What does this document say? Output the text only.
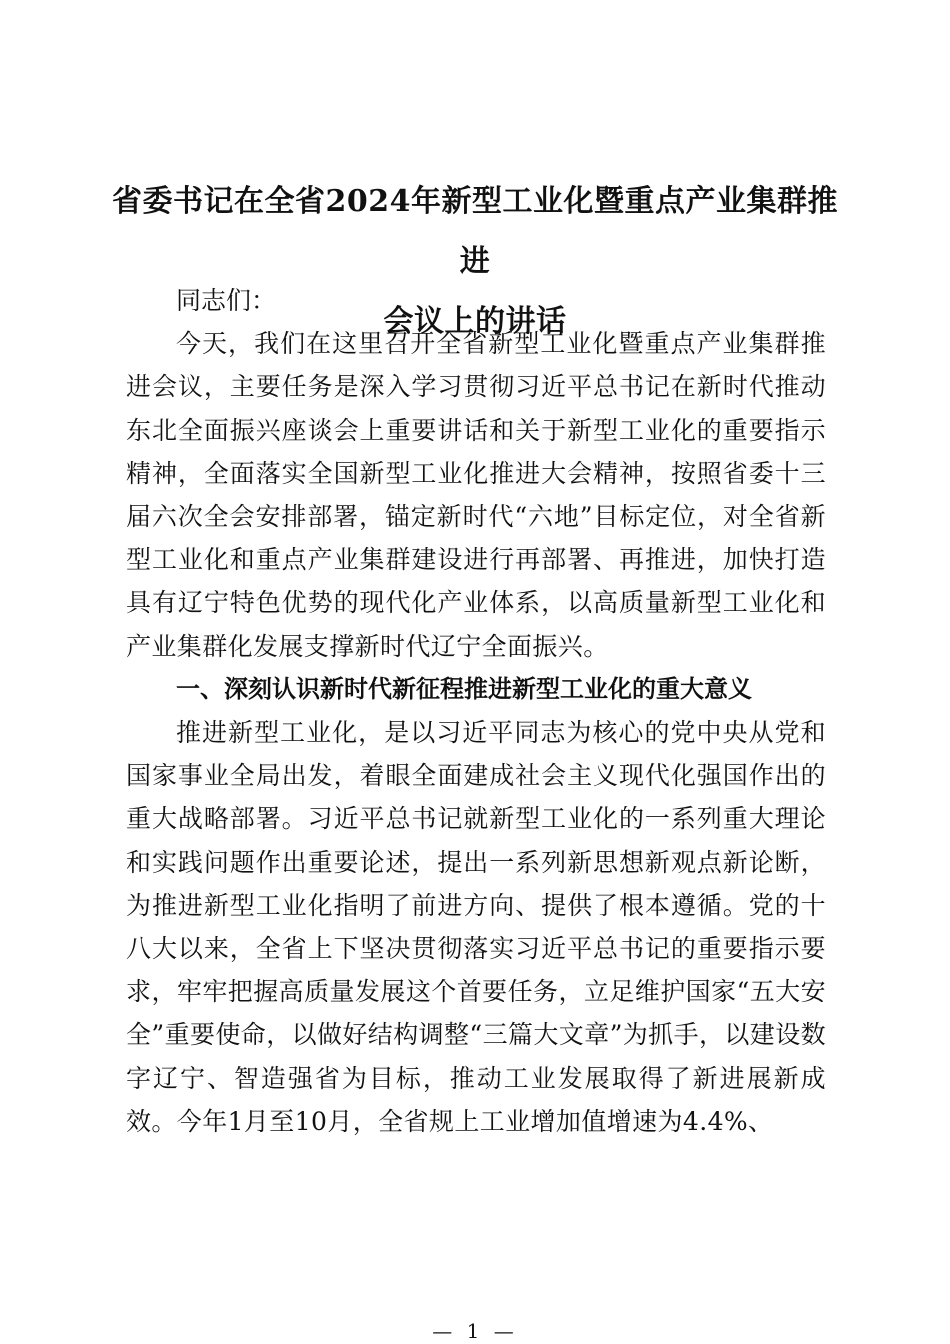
省委书记在全省2024年新型工业化暨重点产业集群推进
会议上的讲话

同志们：

今天，我们在这里召开全省新型工业化暨重点产业集群推进会议，主要任务是深入学习贯彻习近平总书记在新时代推动东北全面振兴座谈会上重要讲话和关于新型工业化的重要指示精神，全面落实全国新型工业化推进大会精神，按照省委十三届六次全会安排部署，锚定新时代“六地”目标定位，对全省新型工业化和重点产业集群建设进行再部署、再推进，加快打造具有辽宁特色优势的现代化产业体系，以高质量新型工业化和产业集群化发展支撑新时代辽宁全面振兴。

一、深刻认识新时代新征程推进新型工业化的重大意义

推进新型工业化，是以习近平同志为核心的党中央从党和国家事业全局出发，着眼全面建成社会主义现代化强国作出的重大战略部署。习近平总书记就新型工业化的一系列重大理论和实践问题作出重要论述，提出一系列新思想新观点新论断，为推进新型工业化指明了前进方向、提供了根本遵循。党的十八大以来，全省上下坚决贯彻落实习近平总书记的重要指示要求，牢牢把握高质量发展这个首要任务，立足维护国家“五大安全”重要使命，以做好结构调整“三篇大文章”为抓手，以建设数字辽宁、智造强省为目标，推动工业发展取得了新进展新成效。今年1月至10月，全省规上工业增加值增速为4.4%、

— 1 —
